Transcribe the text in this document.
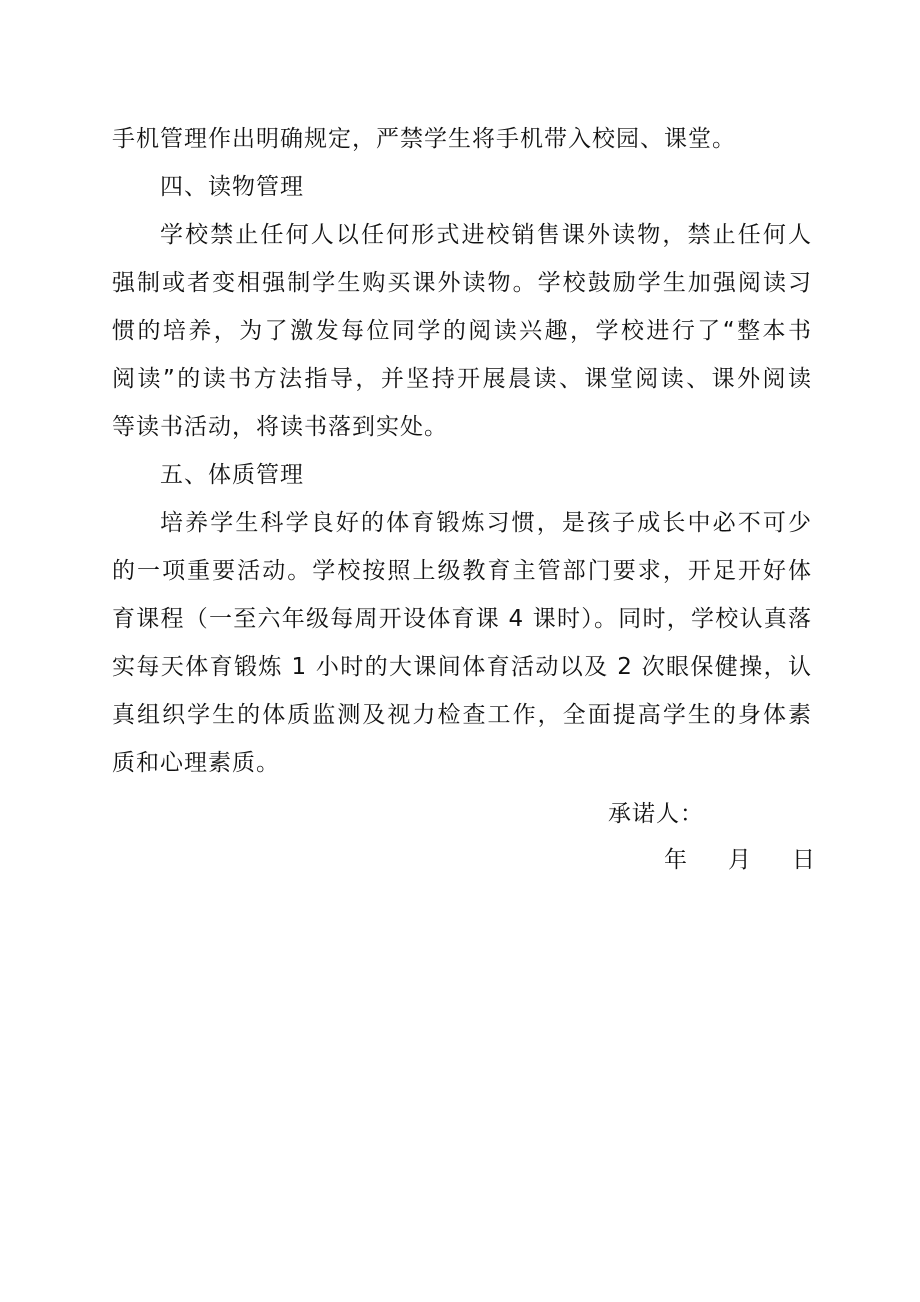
手机管理作出明确规定，严禁学生将手机带入校园、课堂。
四、读物管理
学校禁止任何人以任何形式进校销售课外读物，禁止任何人
强制或者变相强制学生购买课外读物。学校鼓励学生加强阅读习
惯的培养，为了激发每位同学的阅读兴趣，学校进行了“整本书
阅读”的读书方法指导，并坚持开展晨读、课堂阅读、课外阅读
等读书活动，将读书落到实处。
五、体质管理
培养学生科学良好的体育锻炼习惯，是孩子成长中必不可少
的一项重要活动。学校按照上级教育主管部门要求，开足开好体
育课程（一至六年级每周开设体育课 4 课时）。同时，学校认真落
实每天体育锻炼 1 小时的大课间体育活动以及 2 次眼保健操，认
真组织学生的体质监测及视力检查工作，全面提高学生的身体素
质和心理素质。
承诺人：
年 月 日
